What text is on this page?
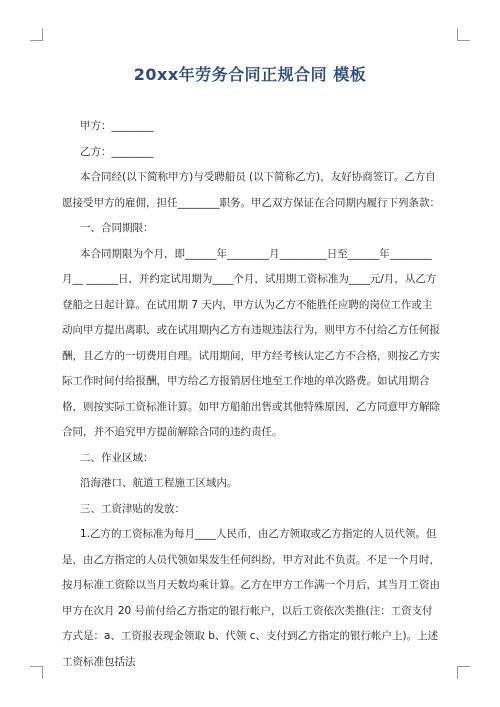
20xx年劳务合同正规合同 模板

甲方：________

乙方：________

本合同经(以下简称甲方)与受聘船员 (以下简称乙方)，友好协商签订。乙方自愿接受甲方的雇佣，担任________职务。甲乙双方保证在合同期内履行下列条款：

一、合同期限：

本合同期限为个月，即______年________月_________日至______年________月__ ______日，并约定试用期为____个月，试用期工资标准为____元/月，从乙方登船之日起计算。在试用期 7 天内，甲方认为乙方不能胜任应聘的岗位工作或主动向甲方提出离职，或在试用期内乙方有违规违法行为，则甲方不付给乙方任何报酬，且乙方的一切费用自理。试用期间，甲方经考核认定乙方不合格，则按乙方实际工作时间付给报酬，甲方给乙方报销居住地至工作地的单次路费。如试用期合格，则按实际工资标准计算。如甲方船舶出售或其他特殊原因，乙方同意甲方解除合同，并不追究甲方提前解除合同的违约责任。

二、作业区域：

沿海港口、航道工程施工区域内。

三、工资津贴的发放：

1.乙方的工资标准为每月____人民币，由乙方领取或乙方指定的人员代领。但是，由乙方指定的人员代领如果发生任何纠纷，甲方对此不负责。不足一个月时，按月标准工资除以当月天数均乘计算。乙方在甲方工作满一个月后，其当月工资由甲方在次月 20 号前付给乙方指定的银行帐户，以后工资依次类推(注：工资支付方式是：a、工资报表现金领取 b、代领 c、支付到乙方指定的银行帐户上)。上述工资标准包括法
